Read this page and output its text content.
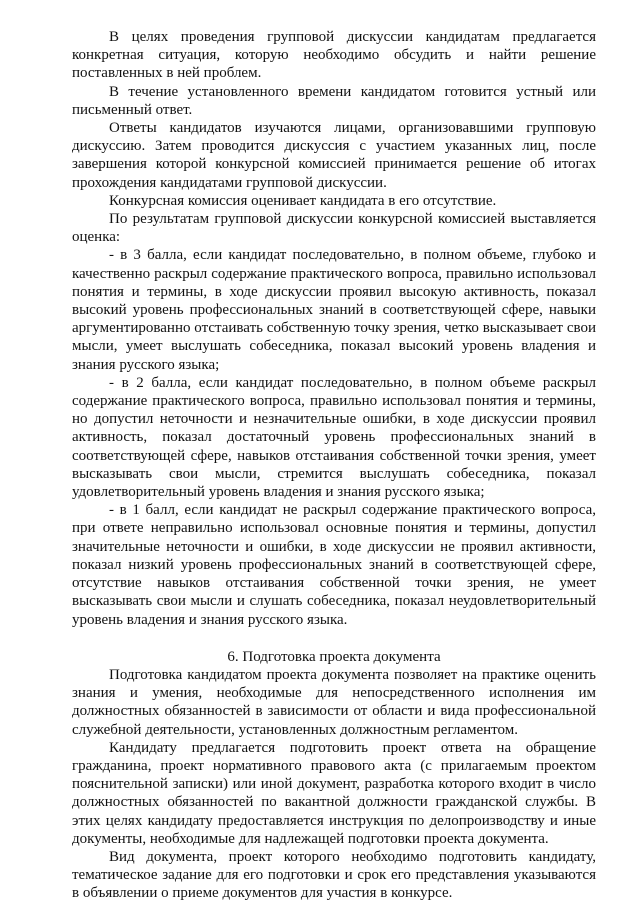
В целях проведения групповой дискуссии кандидатам предлагается конкретная ситуация, которую необходимо обсудить и найти решение поставленных в ней проблем.

В течение установленного времени кандидатом готовится устный или письменный ответ.

Ответы кандидатов изучаются лицами, организовавшими групповую дискуссию. Затем проводится дискуссия с участием указанных лиц, после завершения которой конкурсной комиссией принимается решение об итогах прохождения кандидатами групповой дискуссии.

Конкурсная комиссия оценивает кандидата в его отсутствие.

По результатам групповой дискуссии конкурсной комиссией выставляется оценка:

- в 3 балла, если кандидат последовательно, в полном объеме, глубоко и качественно раскрыл содержание практического вопроса, правильно использовал понятия и термины, в ходе дискуссии проявил высокую активность, показал высокий уровень профессиональных знаний в соответствующей сфере, навыки аргументированно отстаивать собственную точку зрения, четко высказывает свои мысли, умеет выслушать собеседника, показал высокий уровень владения и знания русского языка;

- в 2 балла, если кандидат последовательно, в полном объеме раскрыл содержание практического вопроса, правильно использовал понятия и термины, но допустил неточности и незначительные ошибки, в ходе дискуссии проявил активность, показал достаточный уровень профессиональных знаний в соответствующей сфере, навыков отстаивания собственной точки зрения, умеет высказывать свои мысли, стремится выслушать собеседника, показал удовлетворительный уровень владения и знания русского языка;

- в 1 балл, если кандидат не раскрыл содержание практического вопроса, при ответе неправильно использовал основные понятия и термины, допустил значительные неточности и ошибки, в ходе дискуссии не проявил активности, показал низкий уровень профессиональных знаний в соответствующей сфере, отсутствие навыков отстаивания собственной точки зрения, не умеет высказывать свои мысли и слушать собеседника, показал неудовлетворительный уровень владения и знания русского языка.

6. Подготовка проекта документа

Подготовка кандидатом проекта документа позволяет на практике оценить знания и умения, необходимые для непосредственного исполнения им должностных обязанностей в зависимости от области и вида профессиональной служебной деятельности, установленных должностным регламентом.

Кандидату предлагается подготовить проект ответа на обращение гражданина, проект нормативного правового акта (с прилагаемым проектом пояснительной записки) или иной документ, разработка которого входит в число должностных обязанностей по вакантной должности гражданской службы. В этих целях кандидату предоставляется инструкция по делопроизводству и иные документы, необходимые для надлежащей подготовки проекта документа.

Вид документа, проект которого необходимо подготовить кандидату, тематическое задание для его подготовки и срок его представления указываются в объявлении о приеме документов для участия в конкурсе.
